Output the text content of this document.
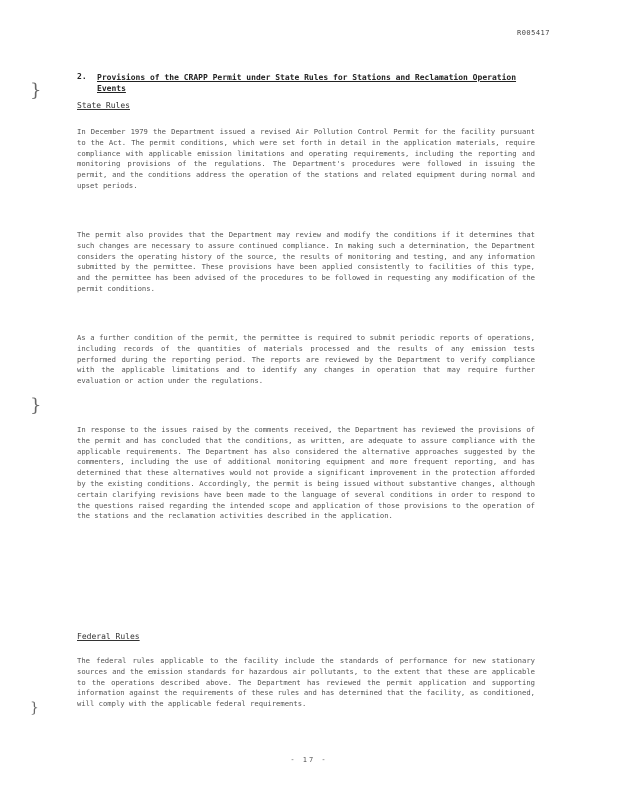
R005417
}
}
}
2. Provisions of the CRAPP Permit under State Rules for Stations and Reclamation Operation Events
State Rules
In December 1979 the Department issued a revised Air Pollution Control Permit for the facility pursuant to the Act. The permit conditions, which were set forth in detail in the application materials, require compliance with applicable emission limitations and operating requirements, including the reporting and monitoring provisions of the regulations. The Department's procedures were followed in issuing the permit, and the conditions address the operation of the stations and related equipment during normal and upset periods.
The permit also provides that the Department may review and modify the conditions if it determines that such changes are necessary to assure continued compliance. In making such a determination, the Department considers the operating history of the source, the results of monitoring and testing, and any information submitted by the permittee. These provisions have been applied consistently to facilities of this type, and the permittee has been advised of the procedures to be followed in requesting any modification of the permit conditions.
As a further condition of the permit, the permittee is required to submit periodic reports of operations, including records of the quantities of materials processed and the results of any emission tests performed during the reporting period. The reports are reviewed by the Department to verify compliance with the applicable limitations and to identify any changes in operation that may require further evaluation or action under the regulations.
In response to the issues raised by the comments received, the Department has reviewed the provisions of the permit and has concluded that the conditions, as written, are adequate to assure compliance with the applicable requirements. The Department has also considered the alternative approaches suggested by the commenters, including the use of additional monitoring equipment and more frequent reporting, and has determined that these alternatives would not provide a significant improvement in the protection afforded by the existing conditions. Accordingly, the permit is being issued without substantive changes, although certain clarifying revisions have been made to the language of several conditions in order to respond to the questions raised regarding the intended scope and application of those provisions to the operation of the stations and the reclamation activities described in the application.
Federal Rules
The federal rules applicable to the facility include the standards of performance for new stationary sources and the emission standards for hazardous air pollutants, to the extent that these are applicable to the operations described above. The Department has reviewed the permit application and supporting information against the requirements of these rules and has determined that the facility, as conditioned, will comply with the applicable federal requirements.
- 17 -
